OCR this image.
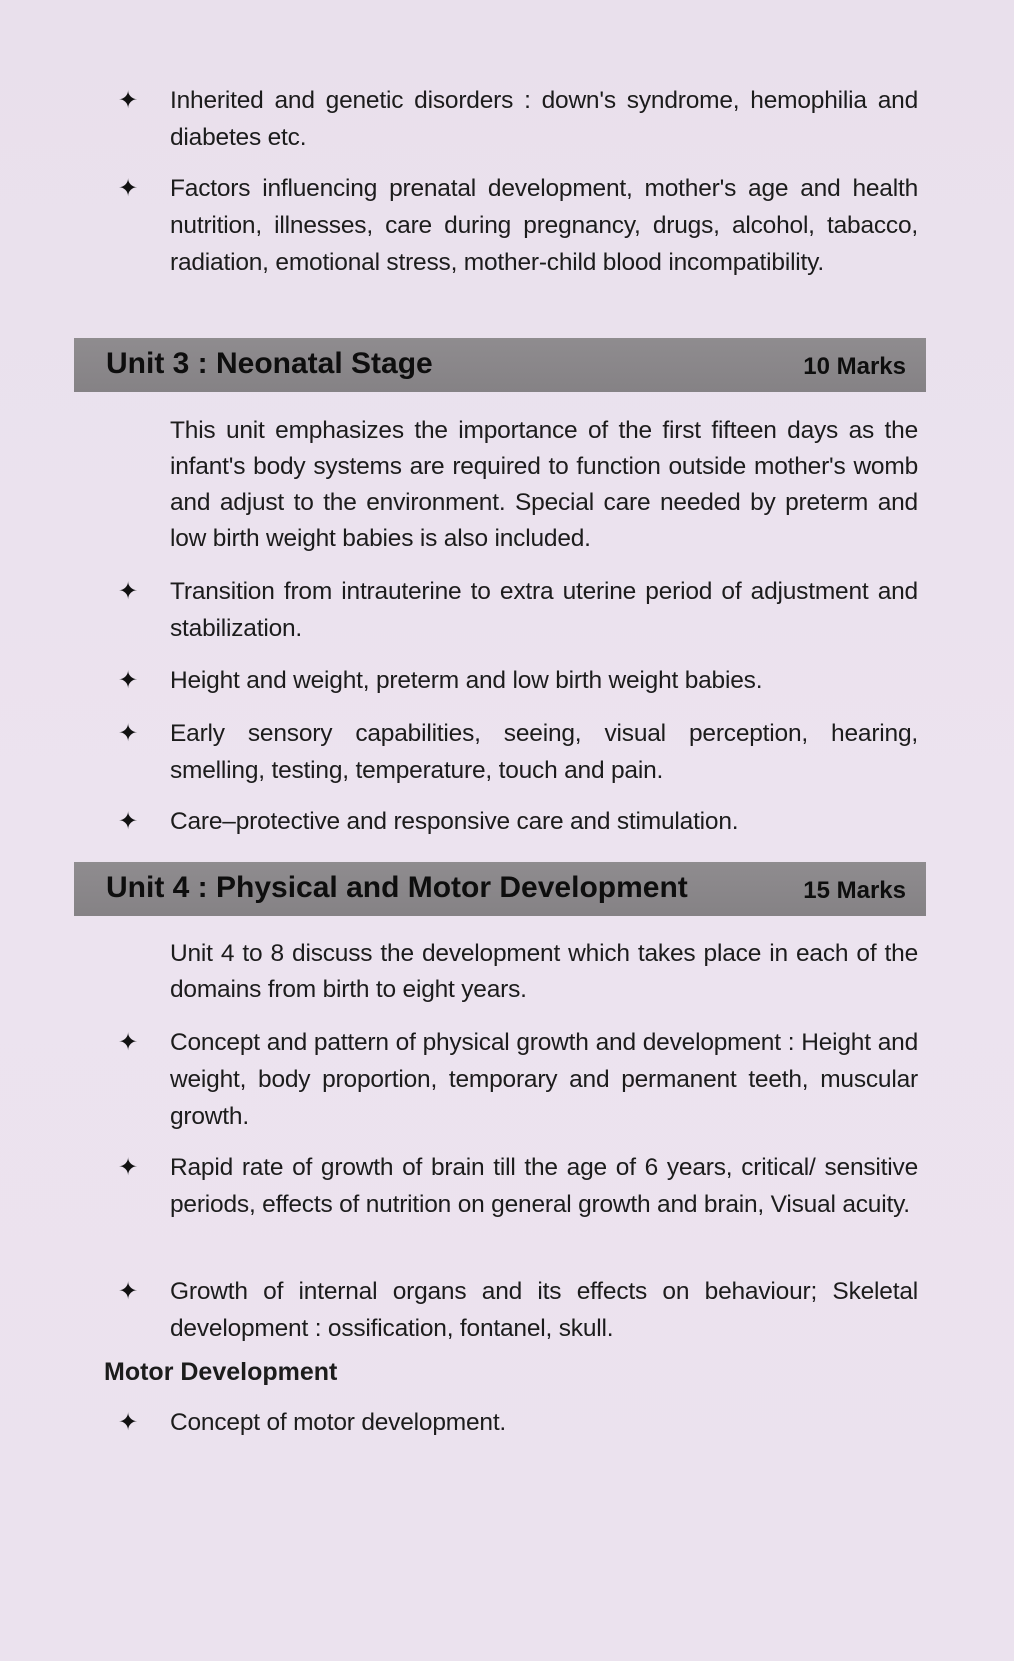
✦ Inherited and genetic disorders : down's syndrome, hemophilia and diabetes etc.
✦ Factors influencing prenatal development, mother's age and health nutrition, illnesses, care during pregnancy, drugs, alcohol, tabacco, radiation, emotional stress, mother-child blood incompatibility.
Unit 3 : Neonatal Stage	10 Marks
This unit emphasizes the importance of the first fifteen days as the infant's body systems are required to function outside mother's womb and adjust to the environment. Special care needed by preterm and low birth weight babies is also included.
✦ Transition from intrauterine to extra uterine period of adjustment and stabilization.
✦ Height and weight, preterm and low birth weight babies.
✦ Early sensory capabilities, seeing, visual perception, hearing, smelling, testing, temperature, touch and pain.
✦ Care–protective and responsive care and stimulation.
Unit 4 : Physical and Motor Development	15 Marks
Unit 4 to 8 discuss the development which takes place in each of the domains from birth to eight years.
✦ Concept and pattern of physical growth and development : Height and weight, body proportion, temporary and permanent teeth, muscular growth.
✦ Rapid rate of growth of brain till the age of 6 years, critical/ sensitive periods, effects of nutrition on general growth and brain, Visual acuity.
✦ Growth of internal organs and its effects on behaviour; Skeletal development : ossification, fontanel, skull.
Motor Development
✦ Concept of motor development.
